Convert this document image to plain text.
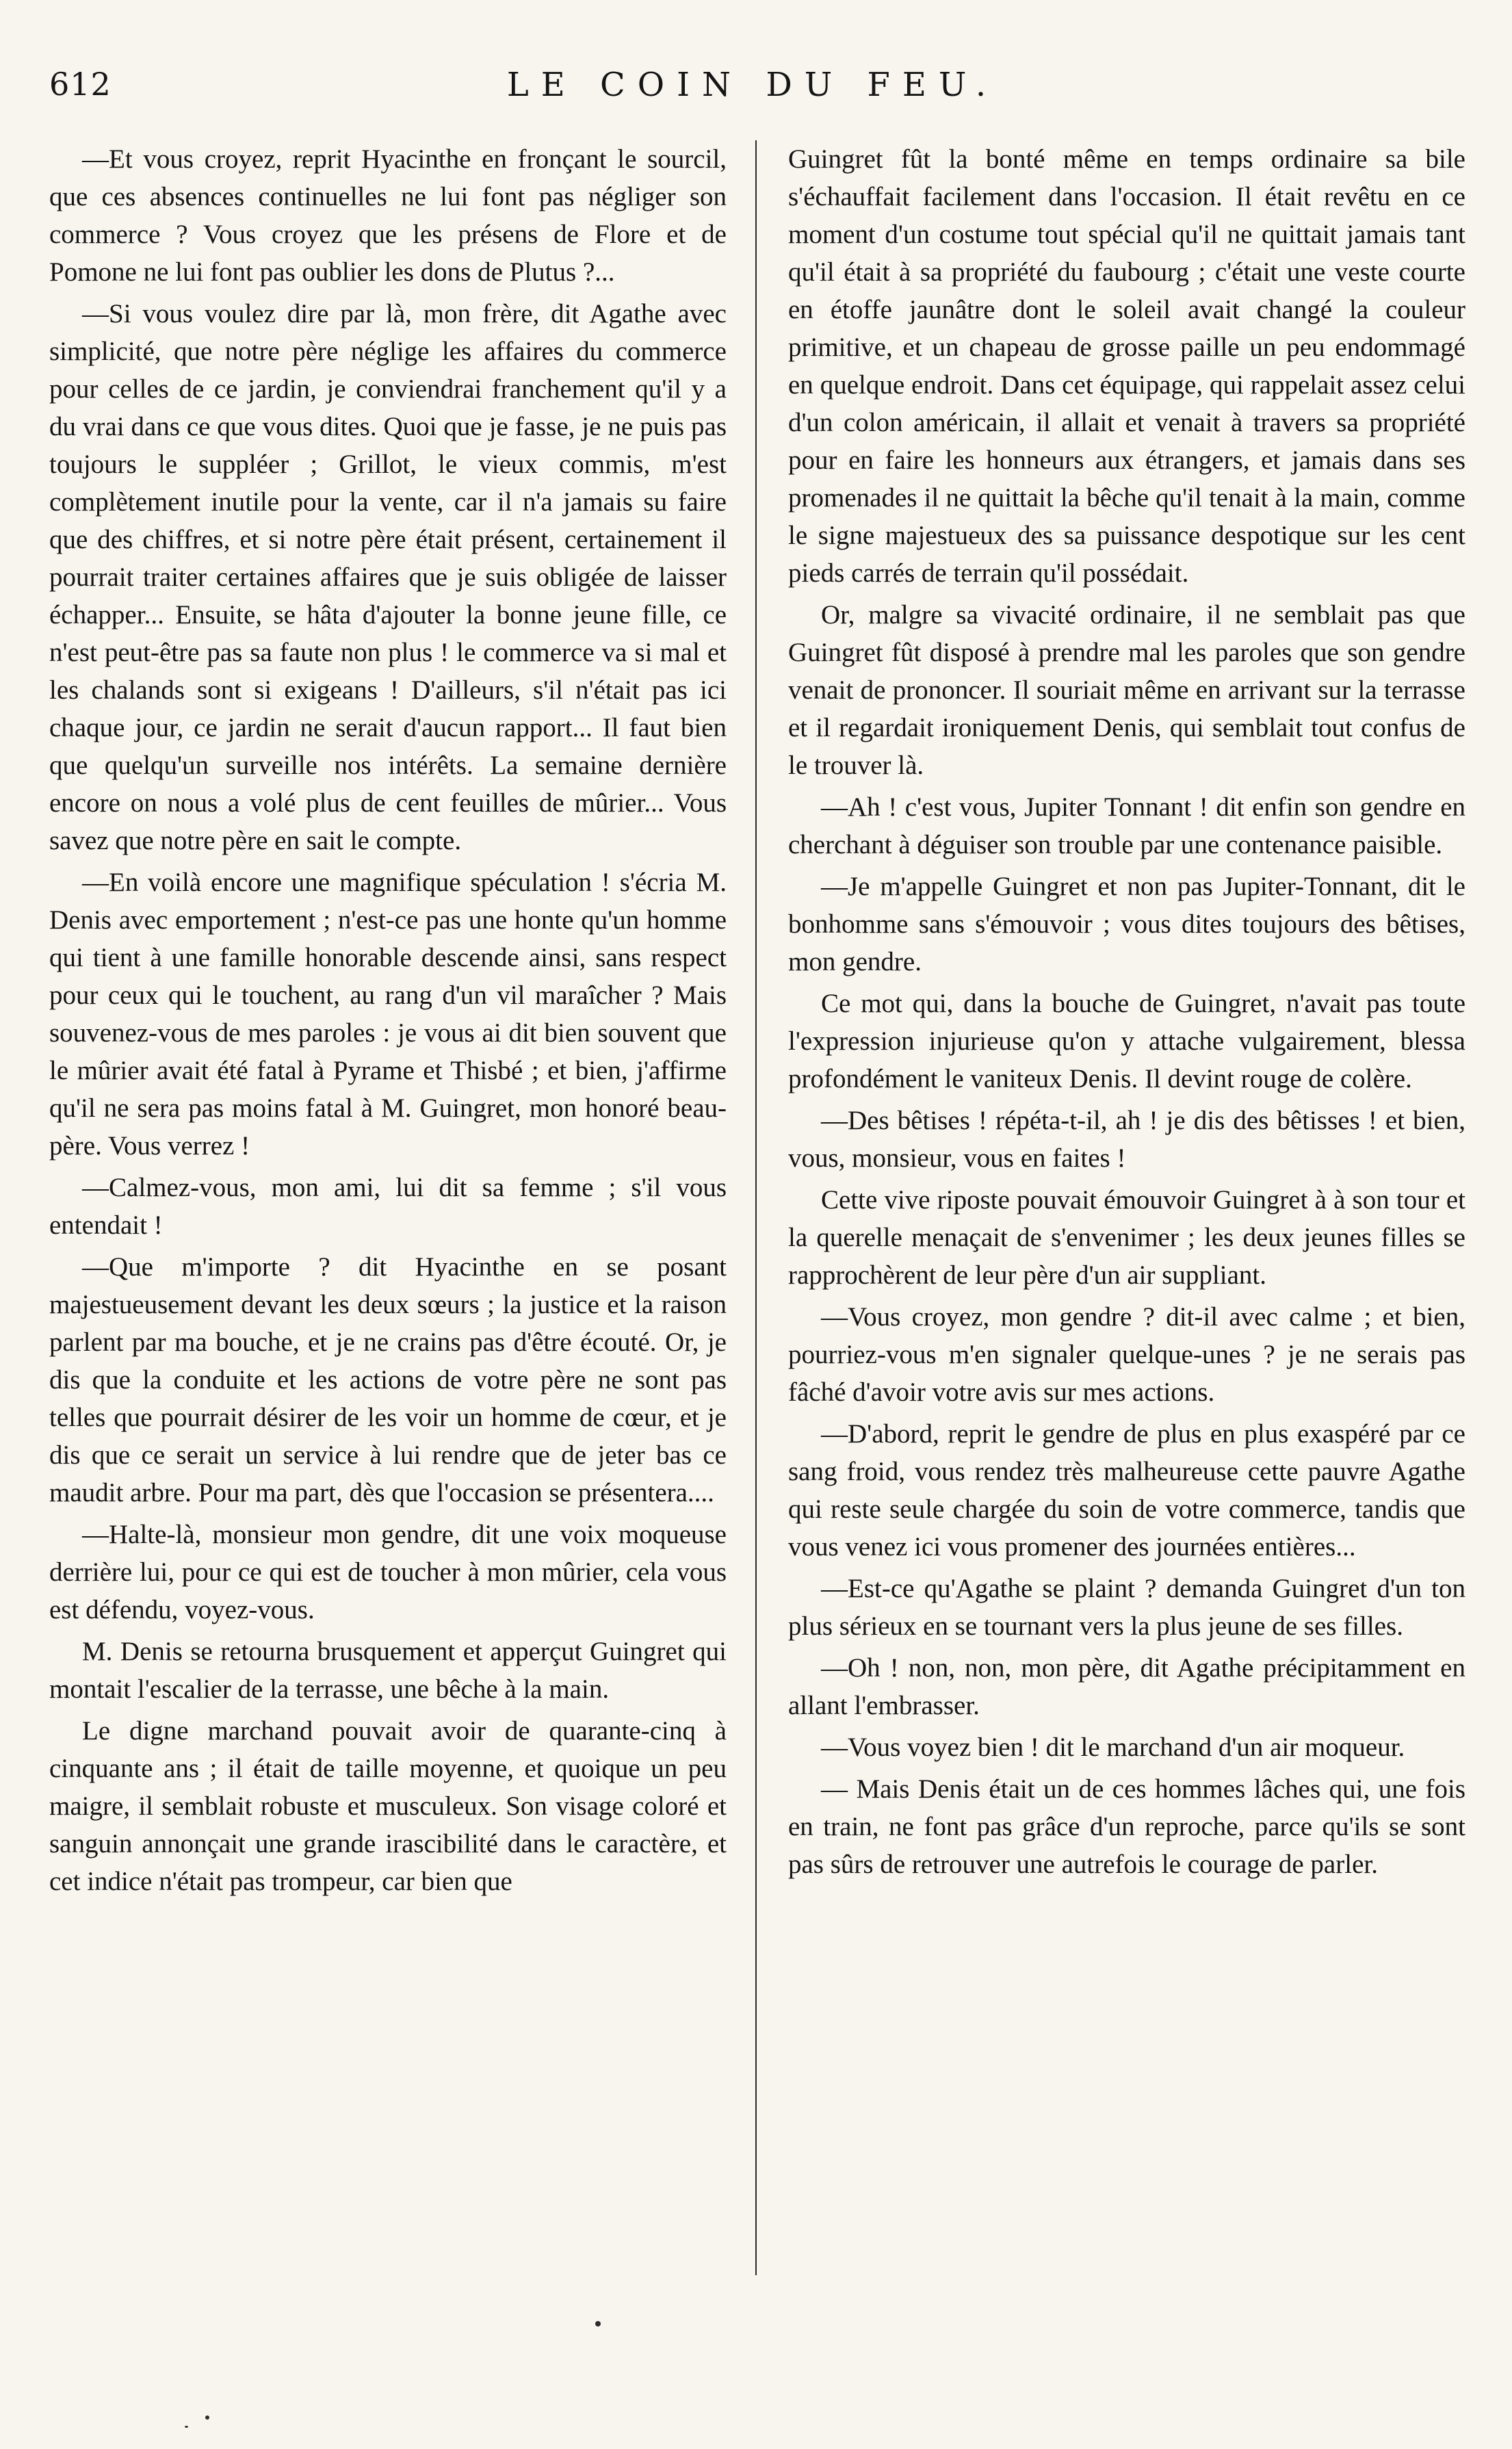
612	LE COIN DU FEU.

—Et vous croyez, reprit Hyacinthe en fronçant le sourcil, que ces absences continuelles ne lui font pas négliger son commerce ? Vous croyez que les présens de Flore et de Pomone ne lui font pas oublier les dons de Plutus ?...

—Si vous voulez dire par là, mon frère, dit Agathe avec simplicité, que notre père néglige les affaires du commerce pour celles de ce jardin, je conviendrai franchement qu'il y a du vrai dans ce que vous dites. Quoi que je fasse, je ne puis pas toujours le suppléer ; Grillot, le vieux commis, m'est complètement inutile pour la vente, car il n'a jamais su faire que des chiffres, et si notre père était présent, certainement il pourrait traiter certaines affaires que je suis obligée de laisser échapper... Ensuite, se hâta d'ajouter la bonne jeune fille, ce n'est peut-être pas sa faute non plus ! le commerce va si mal et les chalands sont si exigeans ! D'ailleurs, s'il n'était pas ici chaque jour, ce jardin ne serait d'aucun rapport... Il faut bien que quelqu'un surveille nos intérêts. La semaine dernière encore on nous a volé plus de cent feuilles de mûrier... Vous savez que notre père en sait le compte.

—En voilà encore une magnifique spéculation ! s'écria M. Denis avec emportement ; n'est-ce pas une honte qu'un homme qui tient à une famille honorable descende ainsi, sans respect pour ceux qui le touchent, au rang d'un vil maraîcher ? Mais souvenez-vous de mes paroles : je vous ai dit bien souvent que le mûrier avait été fatal à Pyrame et Thisbé ; et bien, j'affirme qu'il ne sera pas moins fatal à M. Guingret, mon honoré beau-père. Vous verrez !

—Calmez-vous, mon ami, lui dit sa femme ; s'il vous entendait !

—Que m'importe ? dit Hyacinthe en se posant majestueusement devant les deux sœurs ; la justice et la raison parlent par ma bouche, et je ne crains pas d'être écouté. Or, je dis que la conduite et les actions de votre père ne sont pas telles que pourrait désirer de les voir un homme de cœur, et je dis que ce serait un service à lui rendre que de jeter bas ce maudit arbre. Pour ma part, dès que l'occasion se présentera....

—Halte-là, monsieur mon gendre, dit une voix moqueuse derrière lui, pour ce qui est de toucher à mon mûrier, cela vous est défendu, voyez-vous.

M. Denis se retourna brusquement et apperçut Guingret qui montait l'escalier de la terrasse, une bêche à la main.

Le digne marchand pouvait avoir de quarante-cinq à cinquante ans ; il était de taille moyenne, et quoique un peu maigre, il semblait robuste et musculeux. Son visage coloré et sanguin annonçait une grande irascibilité dans le caractère, et cet indice n'était pas trompeur, car bien que

Guingret fût la bonté même en temps ordinaire sa bile s'échauffait facilement dans l'occasion. Il était revêtu en ce moment d'un costume tout spécial qu'il ne quittait jamais tant qu'il était à sa propriété du faubourg ; c'était une veste courte en étoffe jaunâtre dont le soleil avait changé la couleur primitive, et un chapeau de grosse paille un peu endommagé en quelque endroit. Dans cet équipage, qui rappelait assez celui d'un colon américain, il allait et venait à travers sa propriété pour en faire les honneurs aux étrangers, et jamais dans ses promenades il ne quittait la bêche qu'il tenait à la main, comme le signe majestueux des sa puissance despotique sur les cent pieds carrés de terrain qu'il possédait.

Or, malgre sa vivacité ordinaire, il ne semblait pas que Guingret fût disposé à prendre mal les paroles que son gendre venait de prononcer. Il souriait même en arrivant sur la terrasse et il regardait ironiquement Denis, qui semblait tout confus de le trouver là.

—Ah ! c'est vous, Jupiter Tonnant ! dit enfin son gendre en cherchant à déguiser son trouble par une contenance paisible.

—Je m'appelle Guingret et non pas Jupiter-Tonnant, dit le bonhomme sans s'émouvoir ; vous dites toujours des bêtises, mon gendre.

Ce mot qui, dans la bouche de Guingret, n'avait pas toute l'expression injurieuse qu'on y attache vulgairement, blessa profondément le vaniteux Denis. Il devint rouge de colère.

—Des bêtises ! répéta-t-il, ah ! je dis des bêtisses ! et bien, vous, monsieur, vous en faites !

Cette vive riposte pouvait émouvoir Guingret à à son tour et la querelle menaçait de s'envenimer ; les deux jeunes filles se rapprochèrent de leur père d'un air suppliant.

—Vous croyez, mon gendre ? dit-il avec calme ; et bien, pourriez-vous m'en signaler quelque-unes ? je ne serais pas fâché d'avoir votre avis sur mes actions.

—D'abord, reprit le gendre de plus en plus exaspéré par ce sang froid, vous rendez très malheureuse cette pauvre Agathe qui reste seule chargée du soin de votre commerce, tandis que vous venez ici vous promener des journées entières...

—Est-ce qu'Agathe se plaint ? demanda Guingret d'un ton plus sérieux en se tournant vers la plus jeune de ses filles.

—Oh ! non, non, mon père, dit Agathe précipitamment en allant l'embrasser.

—Vous voyez bien ! dit le marchand d'un air moqueur.

— Mais Denis était un de ces hommes lâches qui, une fois en train, ne font pas grâce d'un reproche, parce qu'ils se sont pas sûrs de retrouver une autrefois le courage de parler.
